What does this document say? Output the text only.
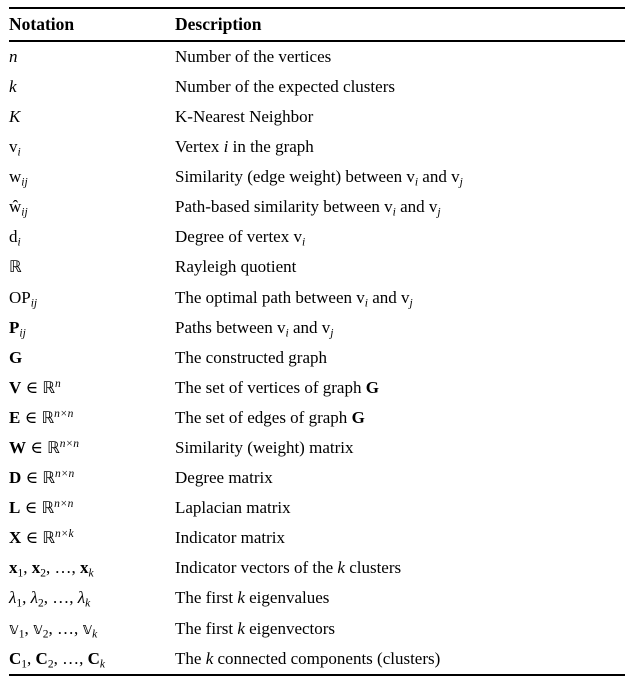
Notation	Description
n	Number of the vertices
k	Number of the expected clusters
K	K-Nearest Neighbor
$v_i$	Vertex i in the graph
$w_{ij}$	Similarity (edge weight) between $v_i$ and $v_j$
$ŵ_{ij}$	Path-based similarity between $v_i$ and $v_j$
$d_i$	Degree of vertex $v_i$
ℝ	Rayleigh quotient
$OP_{ij}$	The optimal path between $v_i$ and $v_j$
$P_{ij}$	Paths between $v_i$ and $v_j$
G	The constructed graph
V ∈ ℝ$^n$	The set of vertices of graph G
E ∈ ℝ$^{n\times n}$	The set of edges of graph G
W ∈ ℝ$^{n\times n}$	Similarity (weight) matrix
D ∈ ℝ$^{n\times n}$	Degree matrix
L ∈ ℝ$^{n\times n}$	Laplacian matrix
X ∈ ℝ$^{n\times k}$	Indicator matrix
$x_1$, $x_2$, …, $x_k$	Indicator vectors of the k clusters
$\lambda_1$, $\lambda_2$, …, $\lambda_k$	The first k eigenvalues
𝕧$_1$, 𝕧$_2$, …, 𝕧$_k$	The first k eigenvectors
$C_1$, $C_2$, …, $C_k$	The k connected components (clusters)
